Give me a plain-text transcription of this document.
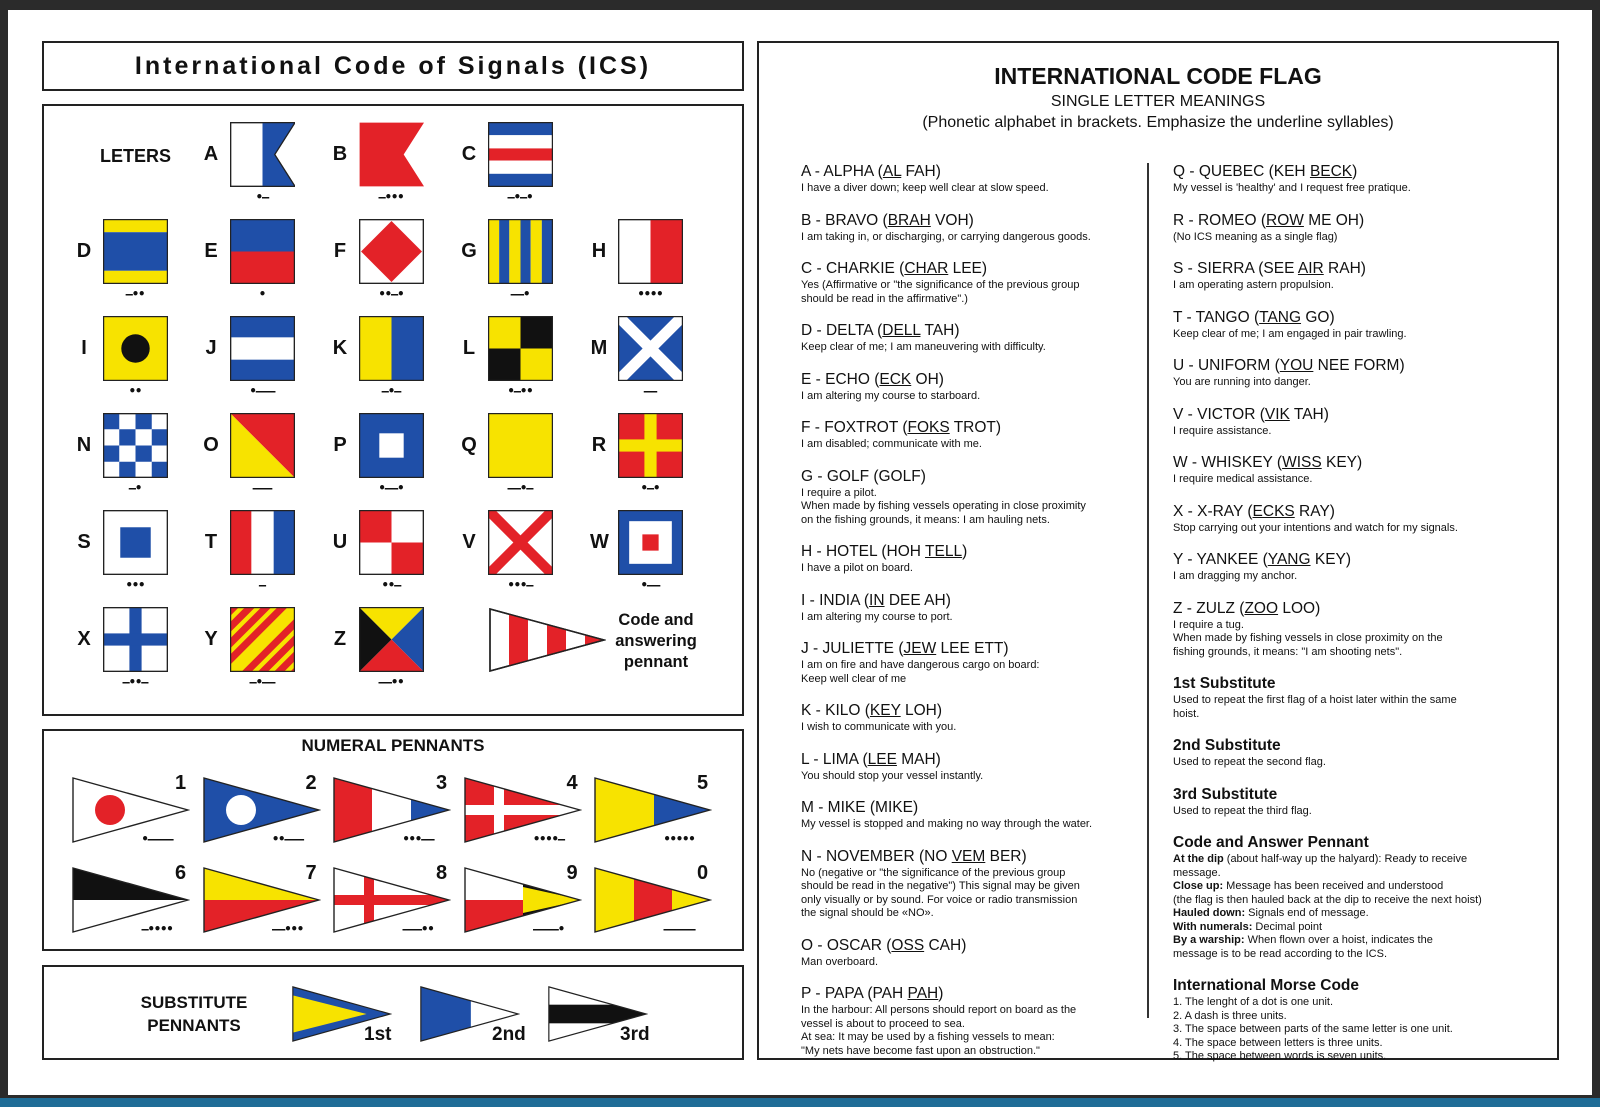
International Code of Signals (ICS)
LETERS A
•–
B
–•••
C
–•–•
D
–••
E
•
F
••–•
G
––•
H
••••
I
••
J
•–––
K
–•–
L
•–••
M
––
N
–•
O
–––
P
•––•
Q
––•–
R
•–•
S
•••
T
–
U
••–
V
•••–
W
•––
X
–••–
Y
–•––
Z
––••
Code and
answering
pennant
NUMERAL PENNANTS
1
•––––
2
••–––
3
•••––
4
••••–
5
•••••
6
–••••
7
––•••
8
–––••
9
––––•
0
–––––
SUBSTITUTE
PENNANTS	1st	2nd	3rd
INTERNATIONAL CODE FLAG
SINGLE LETTER MEANINGS
(Phonetic alphabet in brackets. Emphasize the underline syllables)
A - ALPHA (AL FAH)
I have a diver down; keep well clear at slow speed.
B - BRAVO (BRAH VOH)
I am taking in, or discharging, or carrying dangerous goods.
C - CHARKIE (CHAR LEE)
Yes (Affirmative or "the significance of the previous group
should be read in the affirmative".)
D - DELTA (DELL TAH)
Keep clear of me; I am maneuvering with difficulty.
E - ECHO (ECK OH)
I am altering my course to starboard.
F - FOXTROT (FOKS TROT)
I am disabled; communicate with me.
G - GOLF (GOLF)
I require a pilot.
When made by fishing vessels operating in close proximity
on the fishing grounds, it means: I am hauling nets.
H - HOTEL (HOH TELL)
I have a pilot on board.
I - INDIA (IN DEE AH)
I am altering my course to port.
J - JULIETTE (JEW LEE ETT)
I am on fire and have dangerous cargo on board:
Keep well clear of me
K - KILO (KEY LOH)
I wish to communicate with you.
L - LIMA (LEE MAH)
You should stop your vessel instantly.
M - MIKE (MIKE)
My vessel is stopped and making no way through the water.
N - NOVEMBER (NO VEM BER)
No (negative or "the significance of the previous group
should be read in the negative") This signal may be given
only visually or by sound. For voice or radio transmission
the signal should be «NO».
O - OSCAR (OSS CAH)
Man overboard.
P - PAPA (PAH PAH)
In the harbour: All persons should report on board as the
vessel is about to proceed to sea.
At sea: It may be used by a fishing vessels to mean:
"My nets have become fast upon an obstruction."
Q - QUEBEC (KEH BECK)
My vessel is 'healthy' and I request free pratique.
R - ROMEO (ROW ME OH)
(No ICS meaning as a single flag)
S - SIERRA (SEE AIR RAH)
I am operating astern propulsion.
T - TANGO (TANG GO)
Keep clear of me; I am engaged in pair trawling.
U - UNIFORM (YOU NEE FORM)
You are running into danger.
V - VICTOR (VIK TAH)
I require assistance.
W - WHISKEY (WISS KEY)
I require medical assistance.
X - X-RAY (ECKS RAY)
Stop carrying out your intentions and watch for my signals.
Y - YANKEE (YANG KEY)
I am dragging my anchor.
Z - ZULZ (ZOO LOO)
I require a tug.
When made by fishing vessels in close proximity on the
fishing grounds, it means: "I am shooting nets".
1st Substitute
Used to repeat the first flag of a hoist later within the same
hoist.
2nd Substitute
Used to repeat the second flag.
3rd Substitute
Used to repeat the third flag.
Code and Answer Pennant
At the dip (about half-way up the halyard): Ready to receive
message.
Close up: Message has been received and understood
(the flag is then hauled back at the dip to receive the next hoist)
Hauled down: Signals end of message.
With numerals: Decimal point
By a warship: When flown over a hoist, indicates the
message is to be read according to the ICS.
International Morse Code
1. The lenght of a dot is one unit.
2. A dash is three units.
3. The space between parts of the same letter is one unit.
4. The space between letters is three units.
5. The space between words is seven units.
